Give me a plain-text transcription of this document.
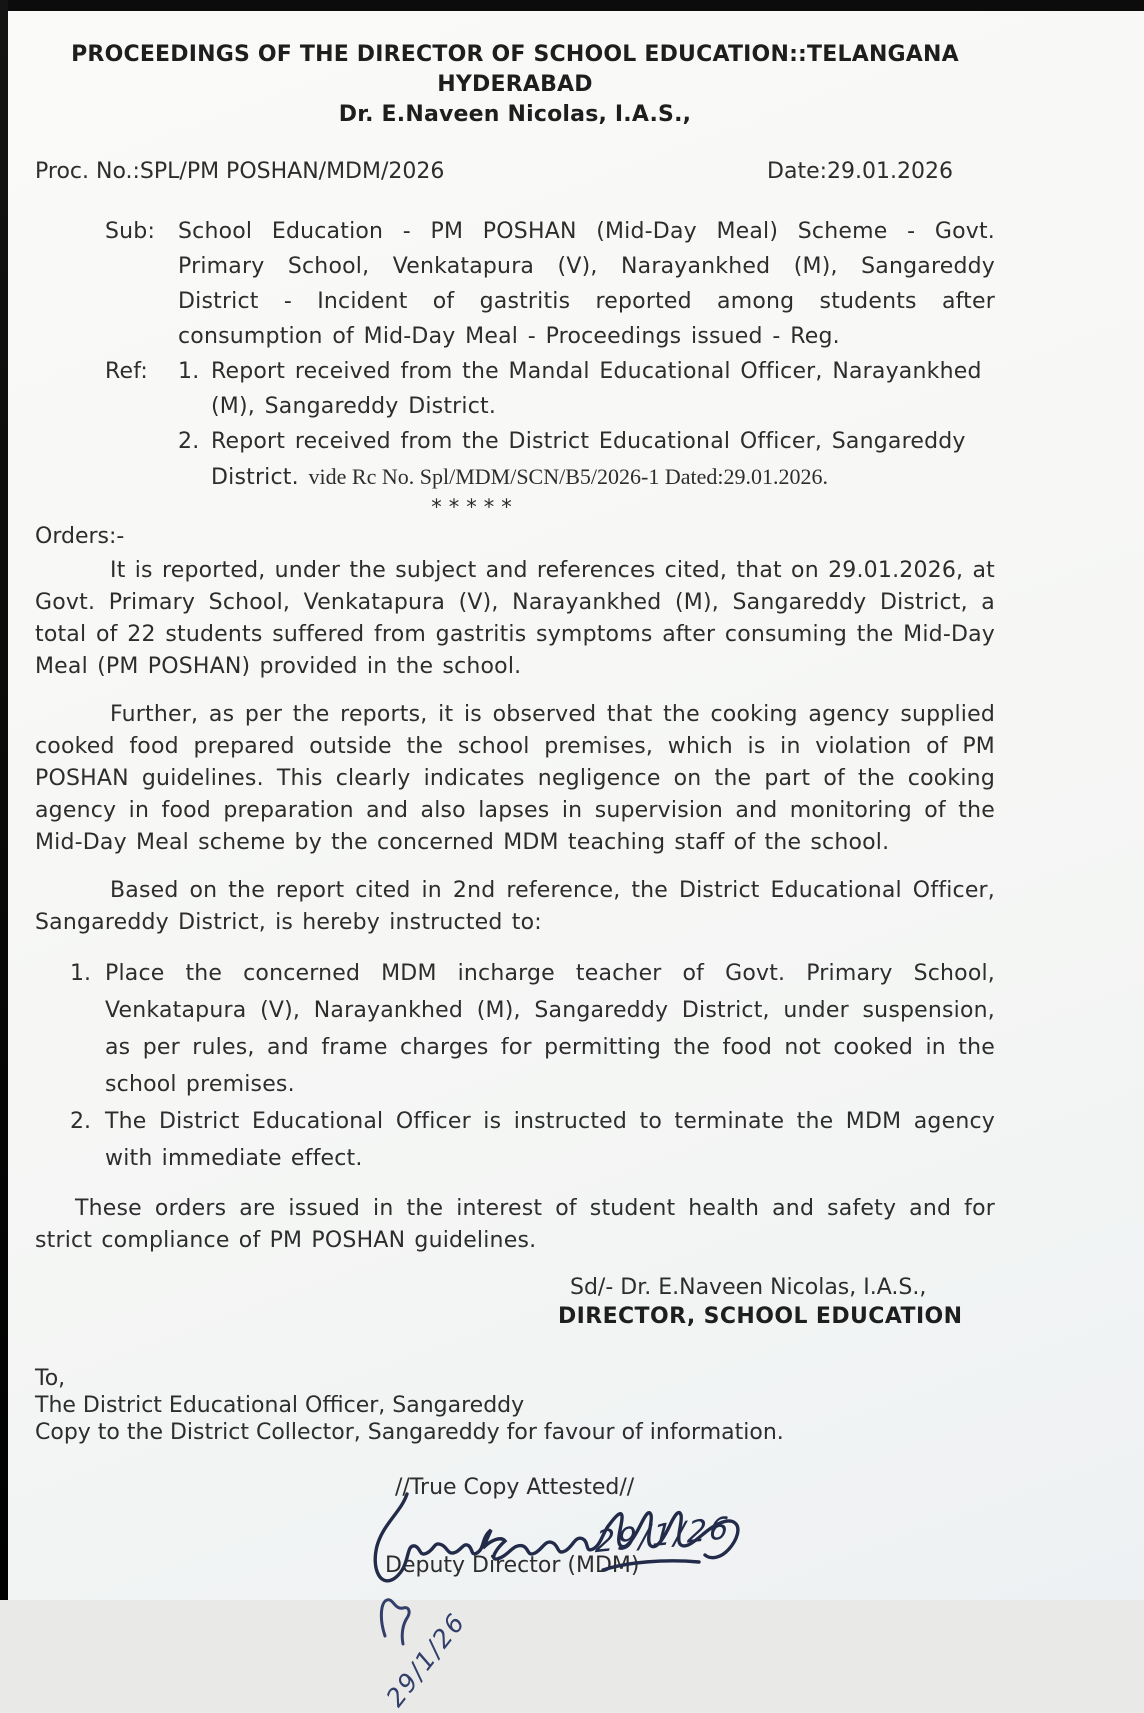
PROCEEDINGS OF THE DIRECTOR OF SCHOOL EDUCATION::TELANGANA
HYDERABAD
Dr. E.Naveen Nicolas, I.A.S.,
Proc. No.:SPL/PM POSHAN/MDM/2026	Date:29.01.2026
Sub:	School Education - PM POSHAN (Mid-Day Meal) Scheme - Govt. Primary School, Venkatapura (V), Narayankhed (M), Sangareddy District - Incident of gastritis reported among students after consumption of Mid-Day Meal - Proceedings issued - Reg.
Ref:	1. Report received from the Mandal Educational Officer, Narayankhed (M), Sangareddy District.
2. Report received from the District Educational Officer, Sangareddy District. vide Rc No. Spl/MDM/SCN/B5/2026-1 Dated:29.01.2026.
*****
Orders:-

It is reported, under the subject and references cited, that on 29.01.2026, at Govt. Primary School, Venkatapura (V), Narayankhed (M), Sangareddy District, a total of 22 students suffered from gastritis symptoms after consuming the Mid-Day Meal (PM POSHAN) provided in the school.

Further, as per the reports, it is observed that the cooking agency supplied cooked food prepared outside the school premises, which is in violation of PM POSHAN guidelines. This clearly indicates negligence on the part of the cooking agency in food preparation and also lapses in supervision and monitoring of the Mid-Day Meal scheme by the concerned MDM teaching staff of the school.

Based on the report cited in 2nd reference, the District Educational Officer, Sangareddy District, is hereby instructed to:

1. Place the concerned MDM incharge teacher of Govt. Primary School, Venkatapura (V), Narayankhed (M), Sangareddy District, under suspension, as per rules, and frame charges for permitting the food not cooked in the school premises.
2. The District Educational Officer is instructed to terminate the MDM agency with immediate effect.

These orders are issued in the interest of student health and safety and for strict compliance of PM POSHAN guidelines.

Sd/- Dr. E.Naveen Nicolas, I.A.S.,
DIRECTOR, SCHOOL EDUCATION
To,
The District Educational Officer, Sangareddy
Copy to the District Collector, Sangareddy for favour of information.
//True Copy Attested//
29/1/26
Deputy Director (MDM)
29/1/26
